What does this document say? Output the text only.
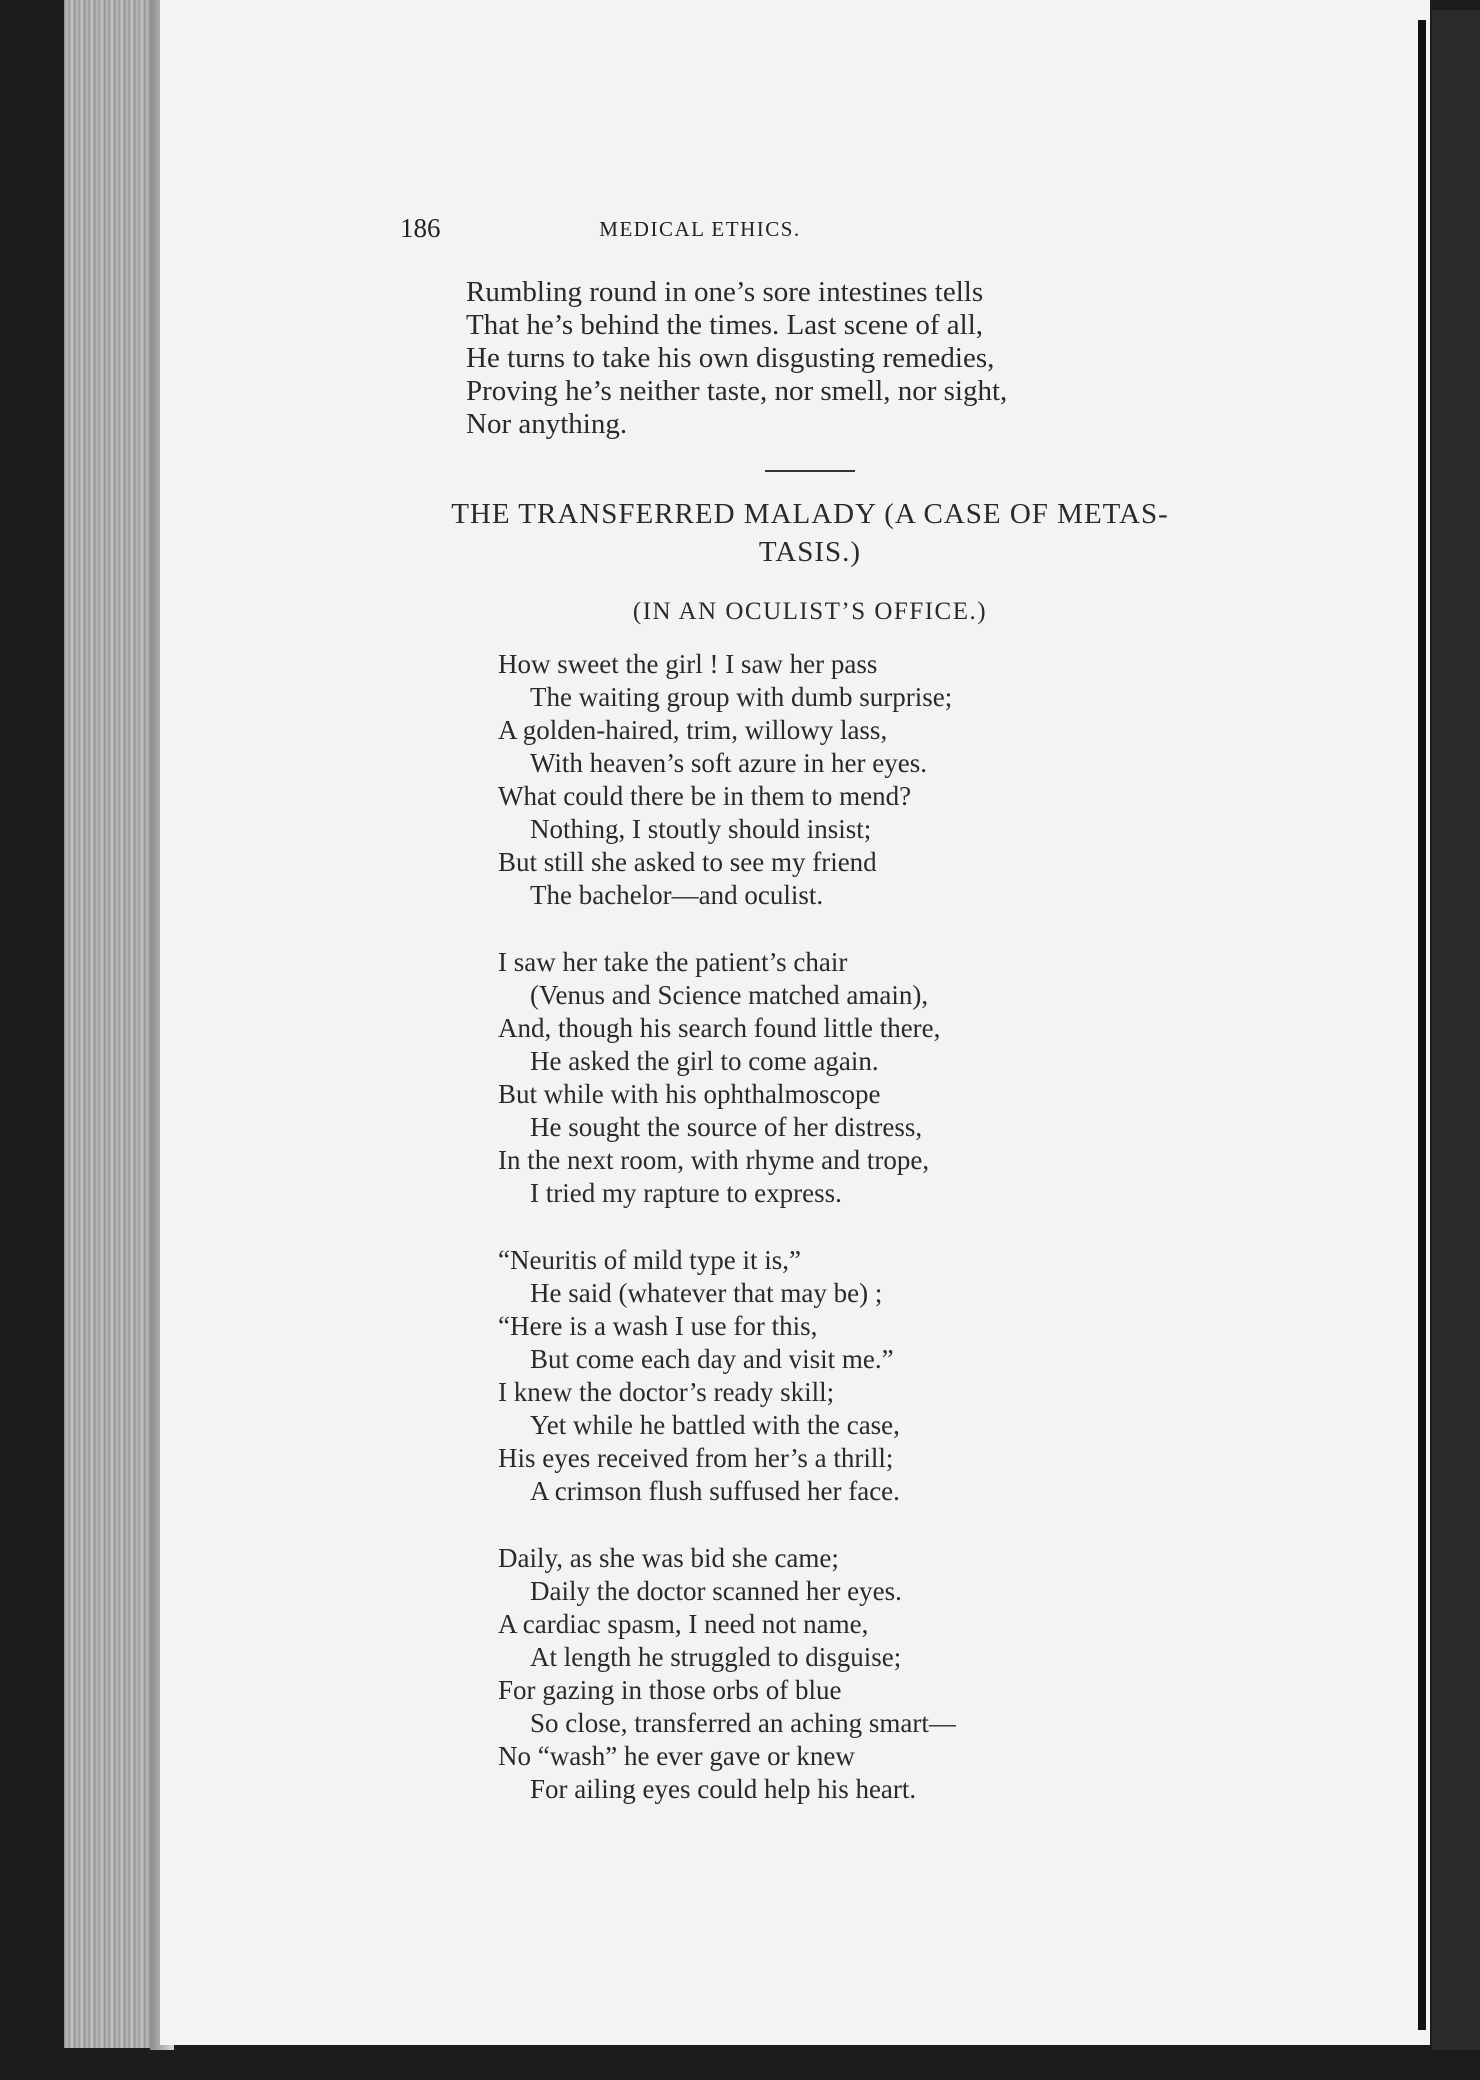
186	MEDICAL ETHICS.
Rumbling round in one’s sore intestines tells
That he’s behind the times. Last scene of all,
He turns to take his own disgusting remedies,
Proving he’s neither taste, nor smell, nor sight,
Nor anything.
THE TRANSFERRED MALADY (A CASE OF METAS-
TASIS.)
(IN AN OCULIST’S OFFICE.)
How sweet the girl ! I saw her pass
The waiting group with dumb surprise;
A golden-haired, trim, willowy lass,
With heaven’s soft azure in her eyes.
What could there be in them to mend?
Nothing, I stoutly should insist;
But still she asked to see my friend
The bachelor—and oculist.
I saw her take the patient’s chair
(Venus and Science matched amain),
And, though his search found little there,
He asked the girl to come again.
But while with his ophthalmoscope
He sought the source of her distress,
In the next room, with rhyme and trope,
I tried my rapture to express.
“Neuritis of mild type it is,”
He said (whatever that may be) ;
“Here is a wash I use for this,
But come each day and visit me.”
I knew the doctor’s ready skill;
Yet while he battled with the case,
His eyes received from her’s a thrill;
A crimson flush suffused her face.
Daily, as she was bid she came;
Daily the doctor scanned her eyes.
A cardiac spasm, I need not name,
At length he struggled to disguise;
For gazing in those orbs of blue
So close, transferred an aching smart—
No “wash” he ever gave or knew
For ailing eyes could help his heart.
